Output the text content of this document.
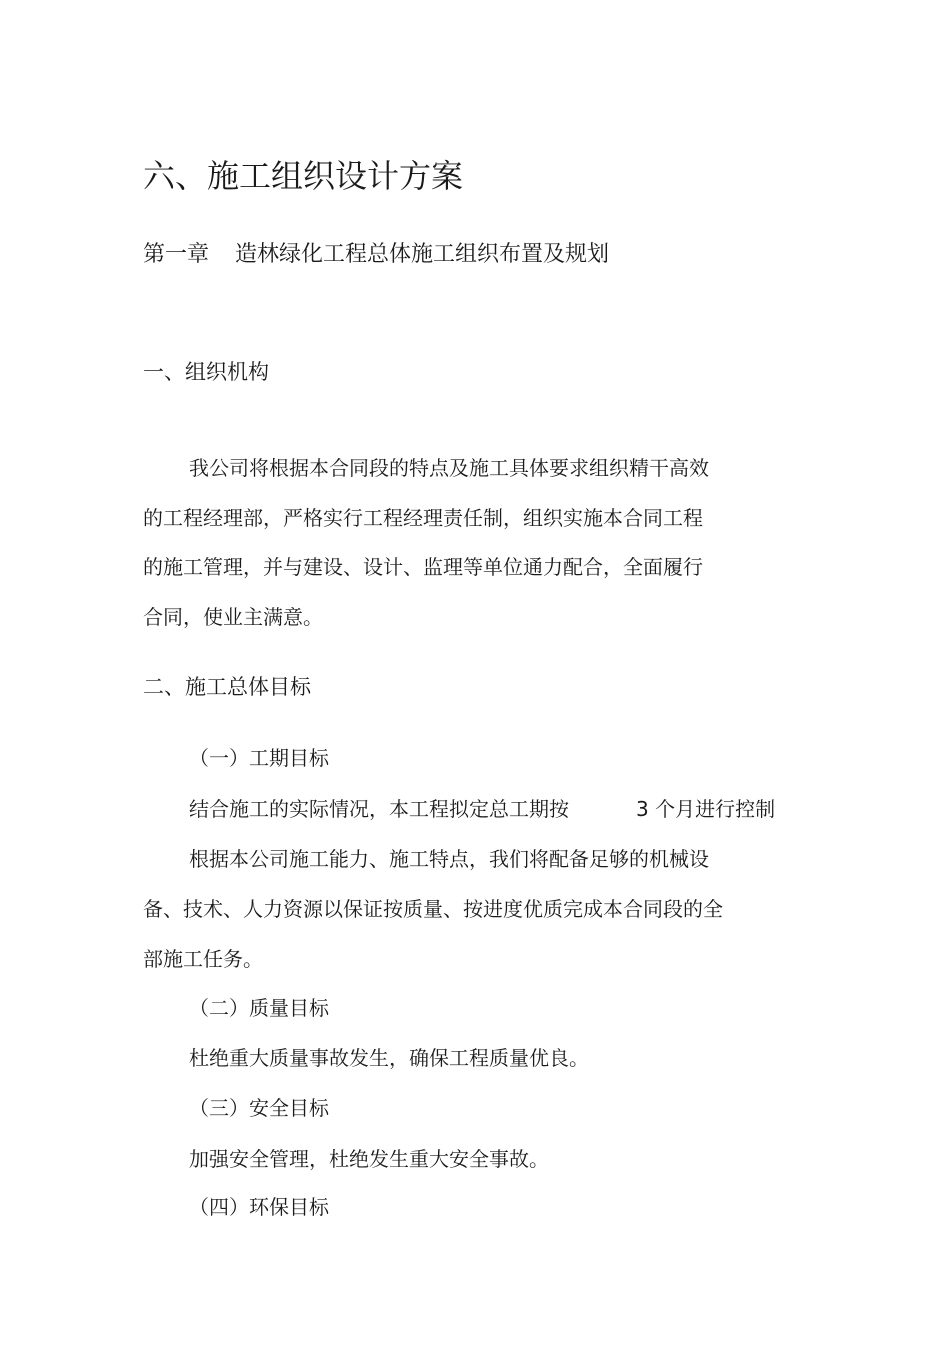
六、施工组织设计方案
第一章 造林绿化工程总体施工组织布置及规划
一、组织机构
我公司将根据本合同段的特点及施工具体要求组织精干高效
的工程经理部，严格实行工程经理责任制，组织实施本合同工程
的施工管理，并与建设、设计、监理等单位通力配合，全面履行
合同，使业主满意。
二、施工总体目标
（一）工期目标
结合施工的实际情况，本工程拟定总工期按	3 个月进行控制
根据本公司施工能力、施工特点，我们将配备足够的机械设
备、技术、人力资源以保证按质量、按进度优质完成本合同段的全
部施工任务。
（二）质量目标
杜绝重大质量事故发生，确保工程质量优良。
（三）安全目标
加强安全管理，杜绝发生重大安全事故。
（四）环保目标
